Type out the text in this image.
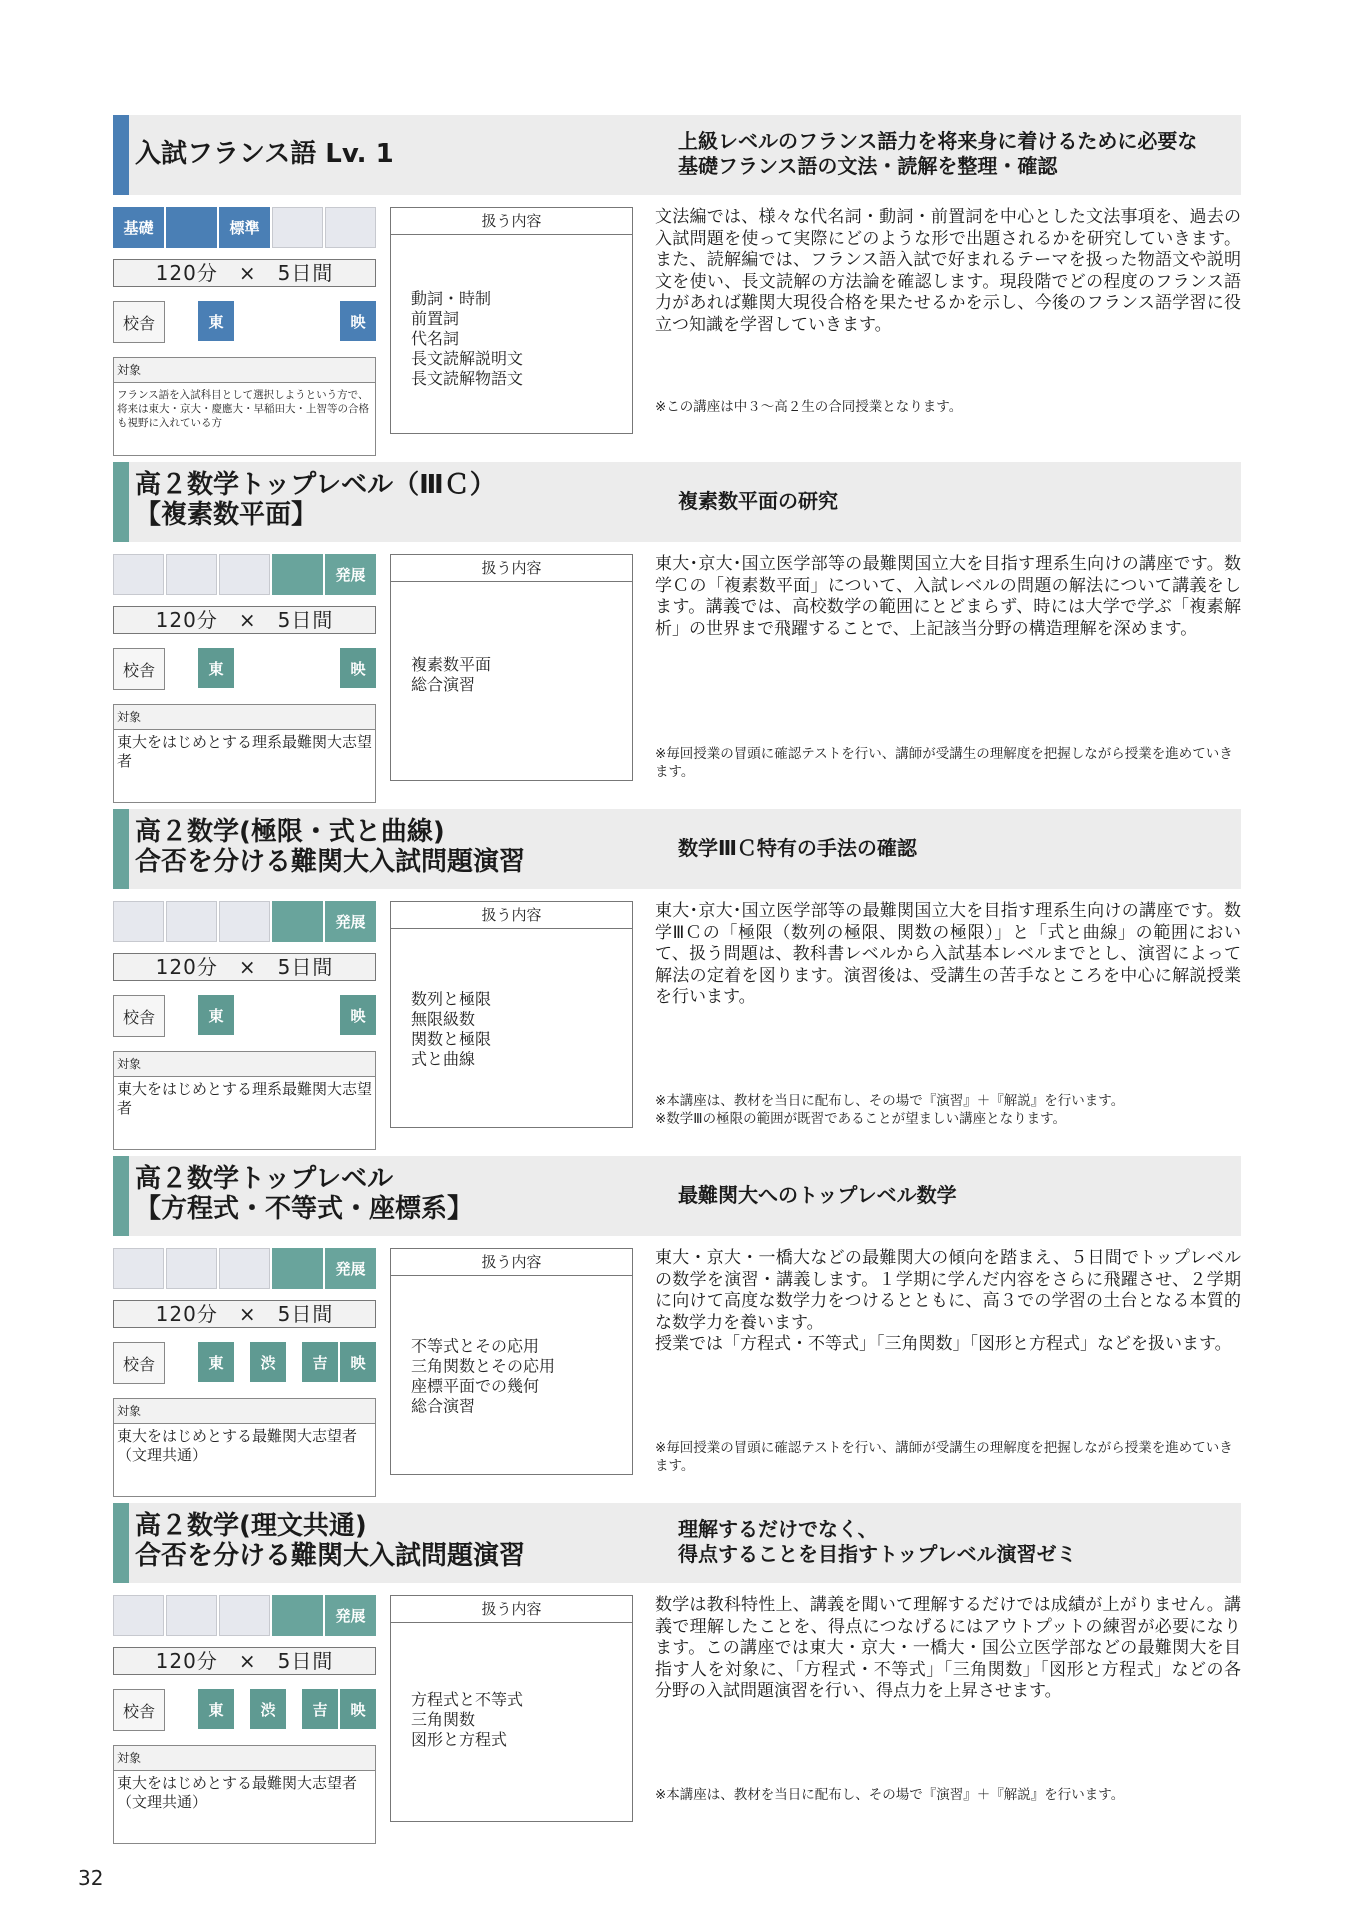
入試フランス語 Lv. 1	上級レベルのフランス語力を将来身に着けるために必要な
基礎フランス語の文法・読解を整理・確認
基礎	標準
120分　×　5日間
校舎	東	映
対象
フランス語を入試科目として選択しようという方で、将来は東大・京大・慶應大・早稲田大・上智等の合格も視野に入れている方
扱う内容
動詞・時制
前置詞
代名詞
長文読解説明文
長文読解物語文
文法編では、様々な代名詞・動詞・前置詞を中心とした文法事項を、過去の入試問題を使って実際にどのような形で出題されるかを研究していきます。また、読解編では、フランス語入試で好まれるテーマを扱った物語文や説明文を使い、長文読解の方法論を確認します。現段階でどの程度のフランス語力があれば難関大現役合格を果たせるかを示し、今後のフランス語学習に役立つ知識を学習していきます。
※この講座は中３～高２生の合同授業となります。
高２数学トップレベル（ⅢＣ）
【複素数平面】	複素数平面の研究
発展
120分　×　5日間
校舎	東	映
対象
東大をはじめとする理系最難関大志望者
扱う内容
複素数平面
総合演習
東大･京大･国立医学部等の最難関国立大を目指す理系生向けの講座です。数学Ｃの「複素数平面」について、入試レベルの問題の解法について講義をします。講義では、高校数学の範囲にとどまらず、時には大学で学ぶ「複素解析」の世界まで飛躍することで、上記該当分野の構造理解を深めます。
※毎回授業の冒頭に確認テストを行い、講師が受講生の理解度を把握しながら授業を進めていきます。
高２数学(極限・式と曲線)
合否を分ける難関大入試問題演習	数学ⅢＣ特有の手法の確認
発展
120分　×　5日間
校舎	東	映
対象
東大をはじめとする理系最難関大志望者
扱う内容
数列と極限
無限級数
関数と極限
式と曲線
東大･京大･国立医学部等の最難関国立大を目指す理系生向けの講座です。数学ⅢＣの「極限（数列の極限、関数の極限）」と「式と曲線」の範囲において、扱う問題は、教科書レベルから入試基本レベルまでとし、演習によって解法の定着を図ります。演習後は、受講生の苦手なところを中心に解説授業を行います。
※本講座は、教材を当日に配布し、その場で『演習』＋『解説』を行います。
※数学Ⅲの極限の範囲が既習であることが望ましい講座となります。
高２数学トップレベル
【方程式・不等式・座標系】	最難関大へのトップレベル数学
発展
120分　×　5日間
校舎	東	渋	吉	映
対象
東大をはじめとする最難関大志望者（文理共通）
扱う内容
不等式とその応用
三角関数とその応用
座標平面での幾何
総合演習
東大・京大・一橋大などの最難関大の傾向を踏まえ、５日間でトップレベルの数学を演習・講義します。１学期に学んだ内容をさらに飛躍させ、２学期に向けて高度な数学力をつけるとともに、高３での学習の土台となる本質的な数学力を養います。
授業では「方程式・不等式」「三角関数」「図形と方程式」などを扱います。
※毎回授業の冒頭に確認テストを行い、講師が受講生の理解度を把握しながら授業を進めていきます。
高２数学(理文共通)
合否を分ける難関大入試問題演習
理解するだけでなく、
得点することを目指すトップレベル演習ゼミ
発展
120分　×　5日間
校舎	東	渋	吉	映
対象
東大をはじめとする最難関大志望者（文理共通）
扱う内容
方程式と不等式
三角関数
図形と方程式
数学は教科特性上、講義を聞いて理解するだけでは成績が上がりません。講義で理解したことを、得点につなげるにはアウトプットの練習が必要になります。この講座では東大・京大・一橋大・国公立医学部などの最難関大を目指す人を対象に、「方程式・不等式」「三角関数」「図形と方程式」などの各分野の入試問題演習を行い、得点力を上昇させます。
※本講座は、教材を当日に配布し、その場で『演習』＋『解説』を行います。
32
